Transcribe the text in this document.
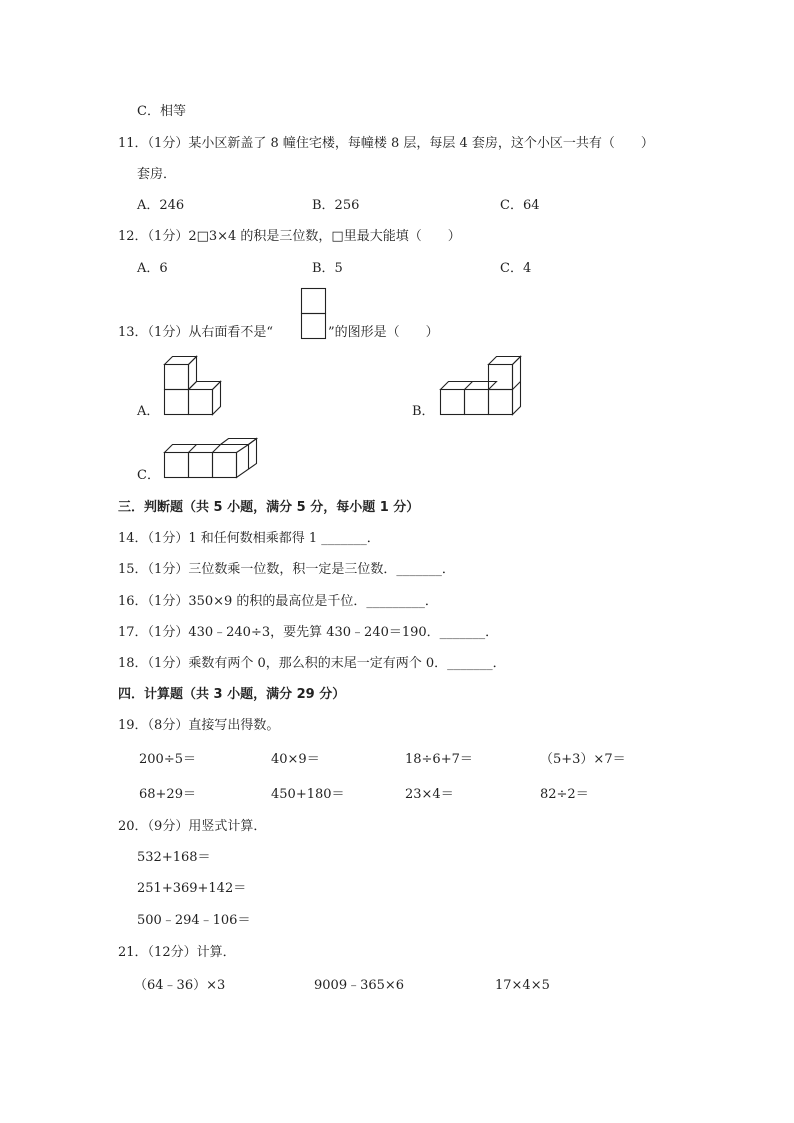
C．相等
11．（1分）某小区新盖了 8 幢住宅楼，每幢楼 8 层，每层 4 套房，这个小区一共有（　　）
套房．
A．246	B．256	C．64
12．（1分）2□3×4 的积是三位数，□里最大能填（　　）
A．6	B．5	C．4
13．（1分）从右面看不是“	”的图形是（　　）
A．	B．
C．
三．判断题（共 5 小题，满分 5 分，每小题 1 分）
14．（1分）1 和任何数相乘都得 1 _______．
15．（1分）三位数乘一位数，积一定是三位数．_______．
16．（1分）350×9 的积的最高位是千位．_________．
17．（1分）430﹣240÷3，要先算 430﹣240＝190．_______．
18．（1分）乘数有两个 0，那么积的末尾一定有两个 0．_______．
四．计算题（共 3 小题，满分 29 分）
19．（8分）直接写出得数。
200÷5＝	40×9＝	18÷6+7＝	（5+3）×7＝
68+29＝	450+180＝	23×4＝	82÷2＝
20．（9分）用竖式计算．
532+168＝
251+369+142＝
500﹣294﹣106＝
21．（12分）计算．
（64﹣36）×3	9009﹣365×6	17×4×5
